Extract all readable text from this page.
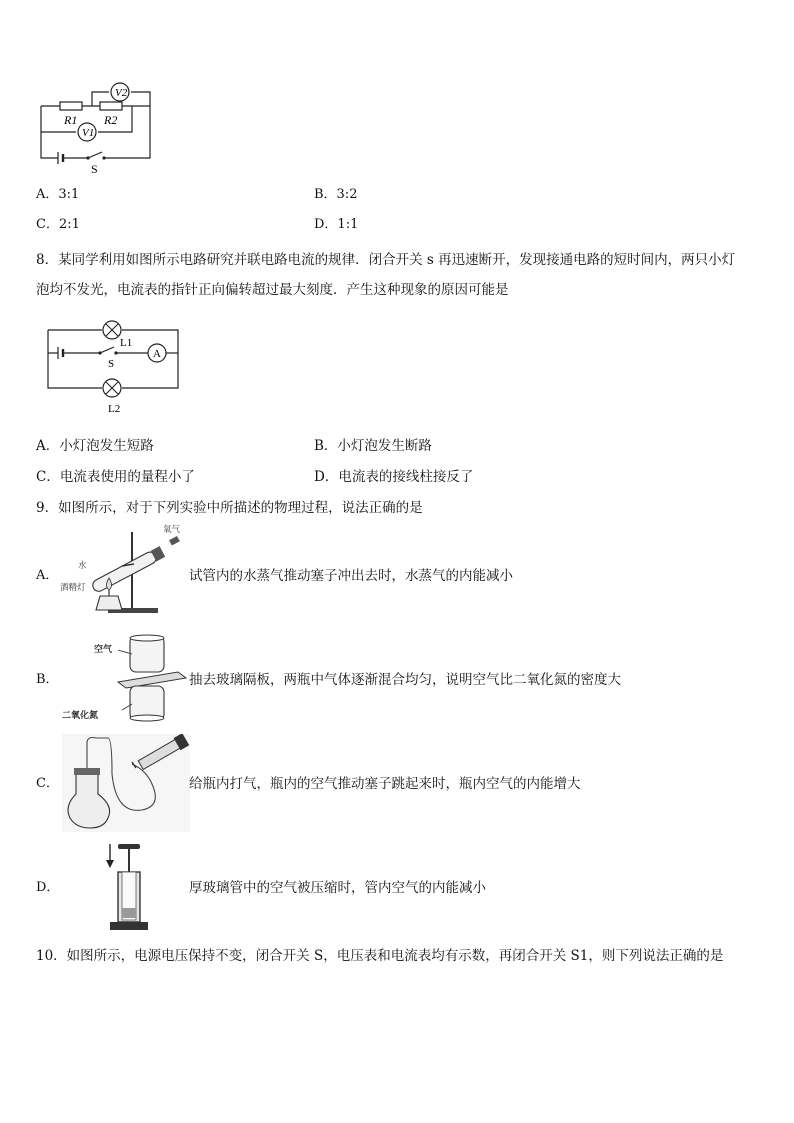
V2
V1
R1 R2
S
A．3:1	B．3:2
C．2:1	D．1:1
8．某同学利用如图所示电路研究并联电路电流的规律．闭合开关 s 再迅速断开，发现接通电路的短时间内，两只小灯
泡均不发光，电流表的指针正向偏转超过最大刻度．产生这种现象的原因可能是
L1
L2
S
A
A．小灯泡发生短路	B．小灯泡发生断路
C．电流表使用的量程小了	D．电流表的接线柱接反了
9．如图所示，对于下列实验中所描述的物理过程，说法正确的是
A．
氧气
水
酒精灯
试管内的水蒸气推动塞子冲出去时，水蒸气的内能减小
B．
空气
二氧化氮
抽去玻璃隔板，两瓶中气体逐渐混合均匀，说明空气比二氧化氮的密度大
C．	给瓶内打气，瓶内的空气推动塞子跳起来时，瓶内空气的内能增大
D．	厚玻璃管中的空气被压缩时，管内空气的内能减小
10．如图所示，电源电压保持不变，闭合开关 S，电压表和电流表均有示数，再闭合开关 S1，则下列说法正确的是
